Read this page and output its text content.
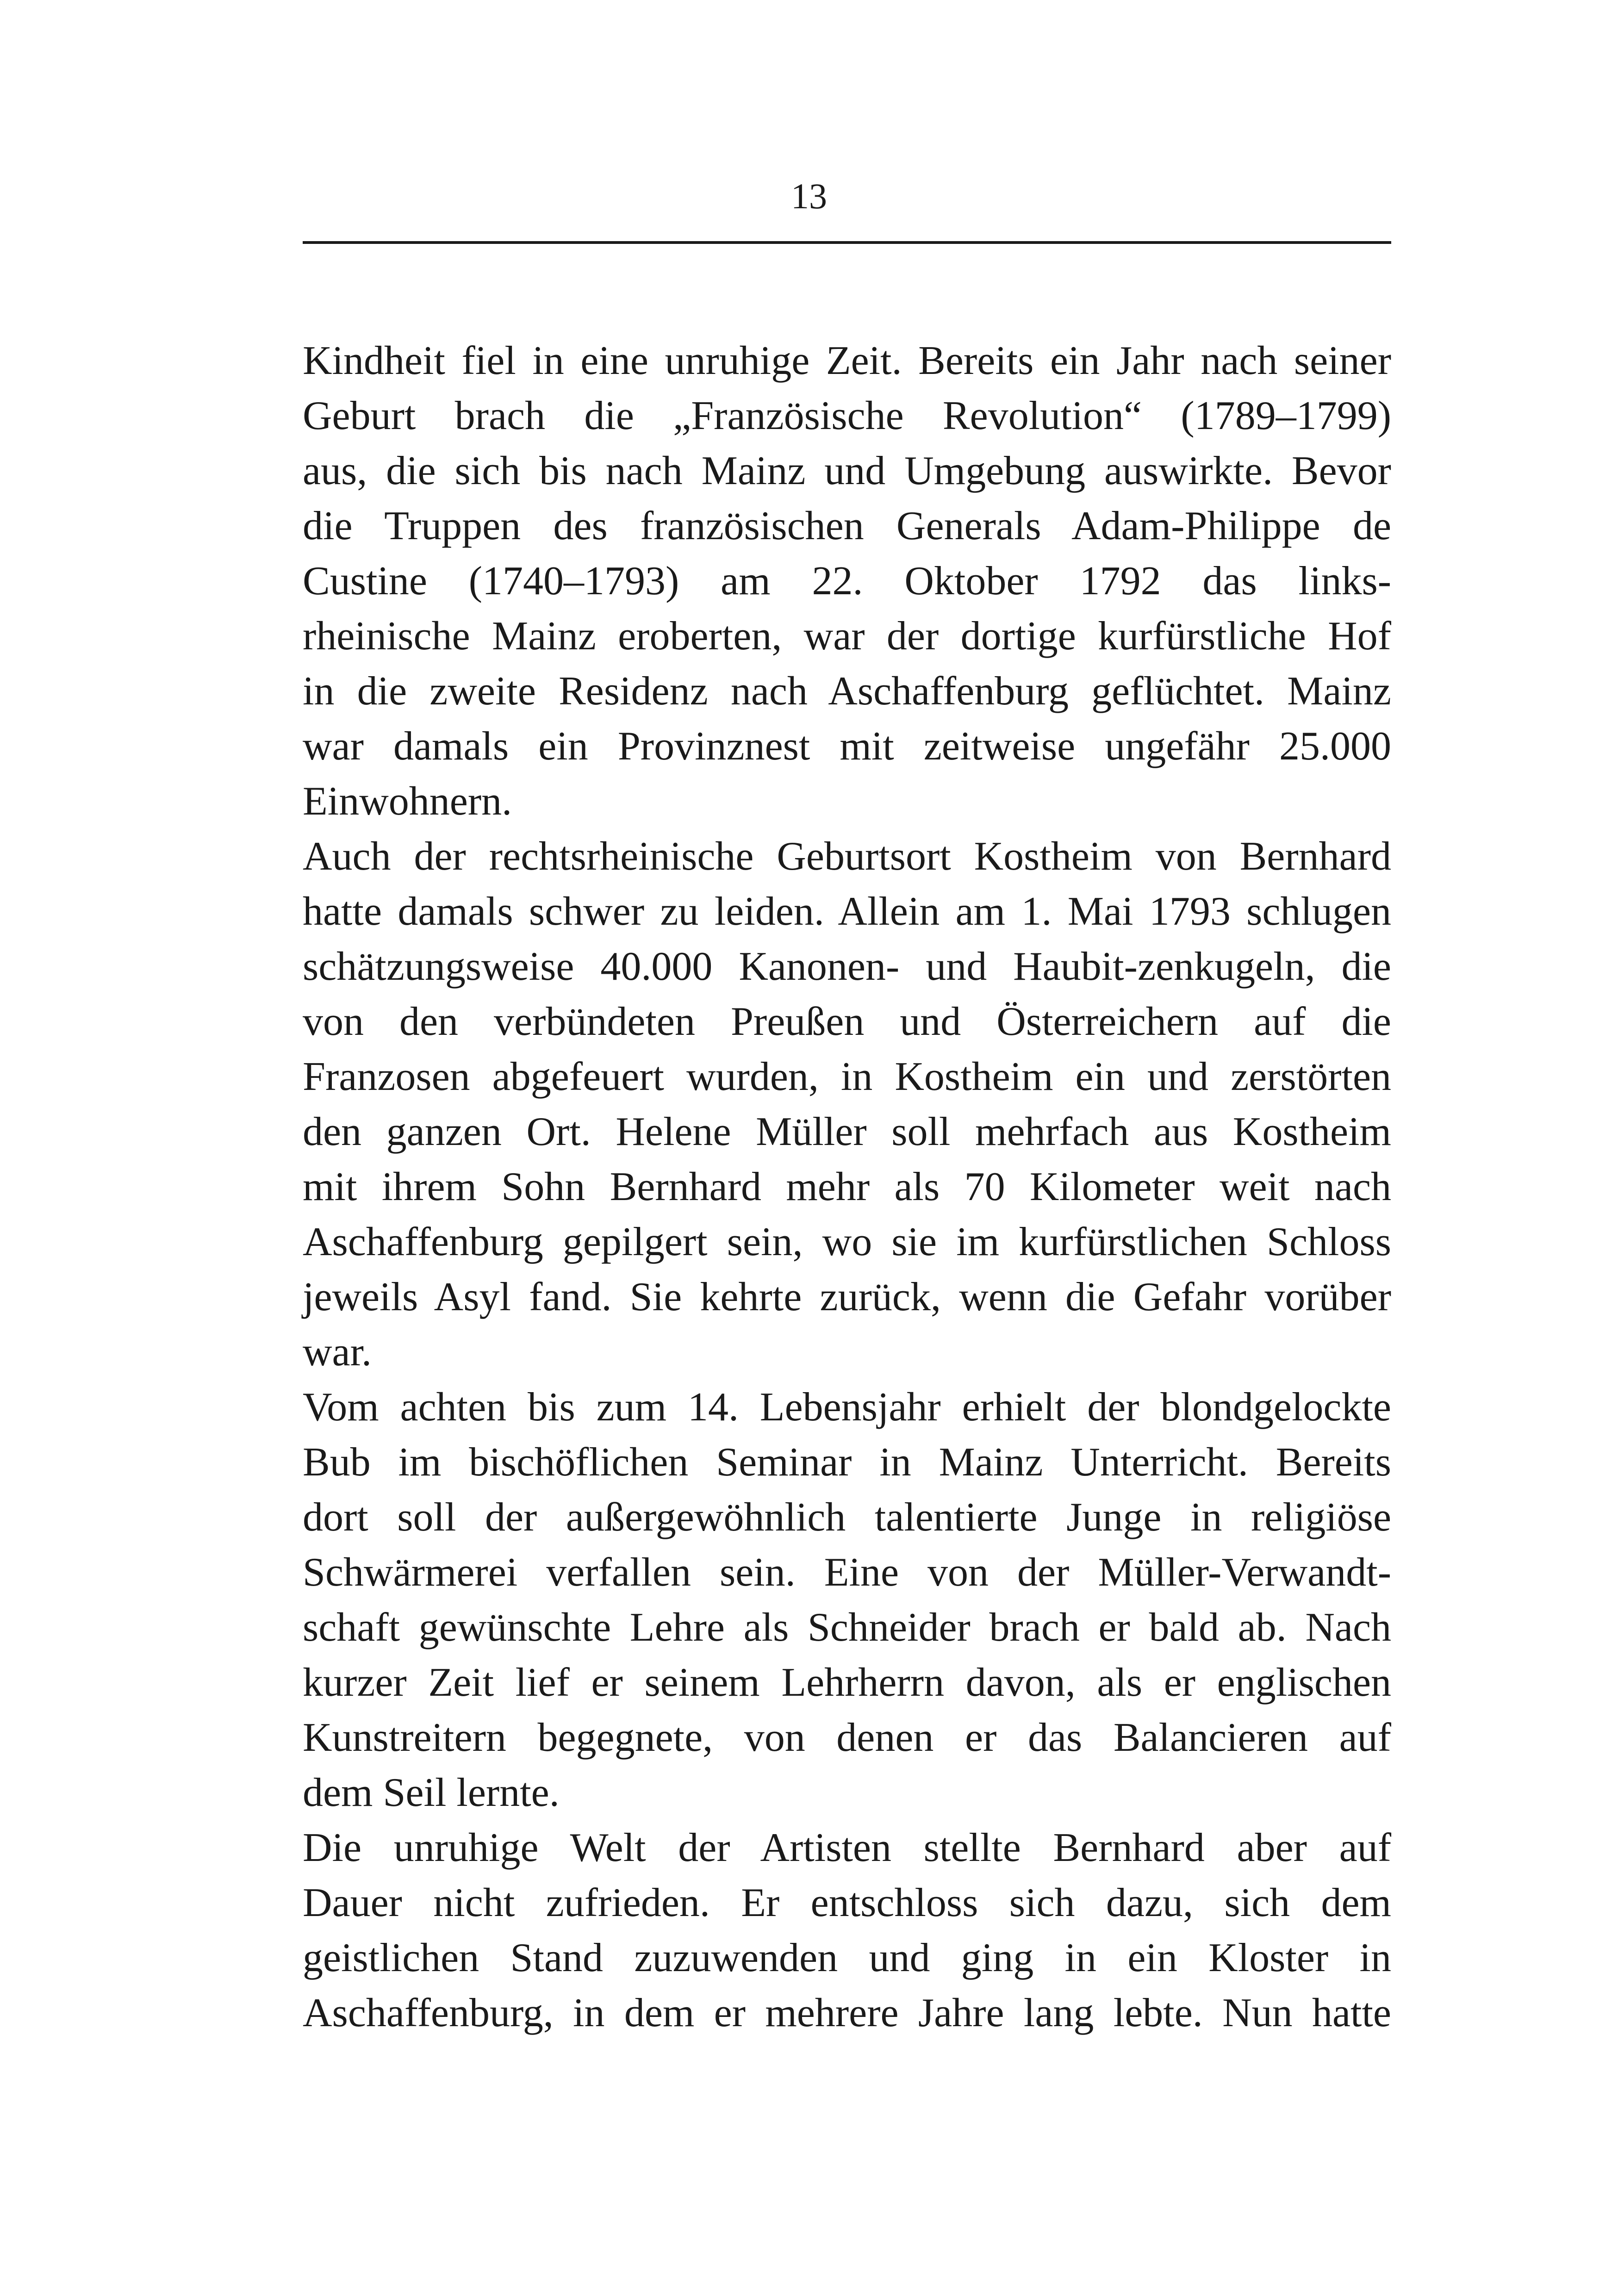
13
Kindheit fiel in eine unruhige Zeit. Bereits ein Jahr nach seiner
Geburt brach die „Französische Revolution“ (1789–1799)
aus, die sich bis nach Mainz und Umgebung auswirkte. Bevor
die Truppen des französischen Generals Adam-Philippe de
Custine (1740–1793) am 22. Oktober 1792 das links-
rheinische Mainz eroberten, war der dortige kurfürstliche Hof
in die zweite Residenz nach Aschaffenburg geflüchtet. Mainz
war damals ein Provinznest mit zeitweise ungefähr 25.000
Einwohnern.
Auch der rechtsrheinische Geburtsort Kostheim von Bernhard
hatte damals schwer zu leiden. Allein am 1. Mai 1793 schlugen
schätzungsweise 40.000 Kanonen- und Haubit-zenkugeln, die
von den verbündeten Preußen und Österreichern auf die
Franzosen abgefeuert wurden, in Kostheim ein und zerstörten
den ganzen Ort. Helene Müller soll mehrfach aus Kostheim
mit ihrem Sohn Bernhard mehr als 70 Kilometer weit nach
Aschaffenburg gepilgert sein, wo sie im kurfürstlichen Schloss
jeweils Asyl fand. Sie kehrte zurück, wenn die Gefahr vorüber
war.
Vom achten bis zum 14. Lebensjahr erhielt der blondgelockte
Bub im bischöflichen Seminar in Mainz Unterricht. Bereits
dort soll der außergewöhnlich talentierte Junge in religiöse
Schwärmerei verfallen sein. Eine von der Müller-Verwandt-
schaft gewünschte Lehre als Schneider brach er bald ab. Nach
kurzer Zeit lief er seinem Lehrherrn davon, als er englischen
Kunstreitern begegnete, von denen er das Balancieren auf
dem Seil lernte.
Die unruhige Welt der Artisten stellte Bernhard aber auf
Dauer nicht zufrieden. Er entschloss sich dazu, sich dem
geistlichen Stand zuzuwenden und ging in ein Kloster in
Aschaffenburg, in dem er mehrere Jahre lang lebte. Nun hatte
